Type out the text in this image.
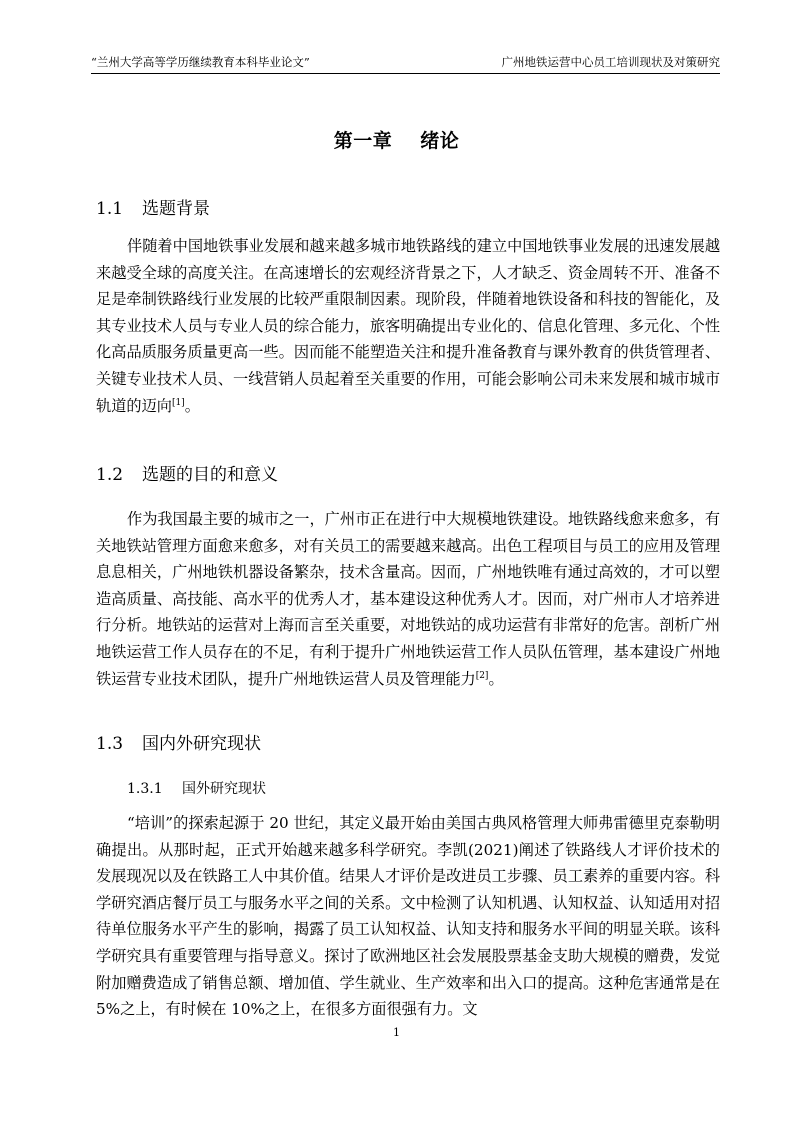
“兰州大学高等学历继续教育本科毕业论文”	广州地铁运营中心员工培训现状及对策研究
第一章 绪论
1.1 选题背景

伴随着中国地铁事业发展和越来越多城市地铁路线的建立中国地铁事业发展的迅速发展越来越受全球的高度关注。在高速增长的宏观经济背景之下，人才缺乏、资金周转不开、准备不足是牵制铁路线行业发展的比较严重限制因素。现阶段，伴随着地铁设备和科技的智能化，及其专业技术人员与专业人员的综合能力，旅客明确提出专业化的、信息化管理、多元化、个性化高品质服务质量更高一些。因而能不能塑造关注和提升准备教育与课外教育的供货管理者、关键专业技术人员、一线营销人员起着至关重要的作用，可能会影响公司未来发展和城市城市轨道的迈向[1]。

1.2 选题的目的和意义

作为我国最主要的城市之一，广州市正在进行中大规模地铁建设。地铁路线愈来愈多，有关地铁站管理方面愈来愈多，对有关员工的需要越来越高。出色工程项目与员工的应用及管理息息相关，广州地铁机器设备繁杂，技术含量高。因而，广州地铁唯有通过高效的，才可以塑造高质量、高技能、高水平的优秀人才，基本建设这种优秀人才。因而，对广州市人才培养进行分析。地铁站的运营对上海而言至关重要，对地铁站的成功运营有非常好的危害。剖析广州地铁运营工作人员存在的不足，有利于提升广州地铁运营工作人员队伍管理，基本建设广州地铁运营专业技术团队，提升广州地铁运营人员及管理能力[2]。

1.3 国内外研究现状
1.3.1 国外研究现状

“培训”的探索起源于 20 世纪，其定义最开始由美国古典风格管理大师弗雷德里克泰勒明确提出。从那时起，正式开始越来越多科学研究。李凯(2021)阐述了铁路线人才评价技术的发展现况以及在铁路工人中其价值。结果人才评价是改进员工步骤、员工素养的重要内容。科学研究酒店餐厅员工与服务水平之间的关系。文中检测了认知机遇、认知权益、认知适用对招待单位服务水平产生的影响，揭露了员工认知权益、认知支持和服务水平间的明显关联。该科学研究具有重要管理与指导意义。探讨了欧洲地区社会发展股票基金支助大规模的赠费，发觉附加赠费造成了销售总额、增加值、学生就业、生产效率和出入口的提高。这种危害通常是在 5%之上，有时候在 10%之上，在很多方面很强有力。文

1
